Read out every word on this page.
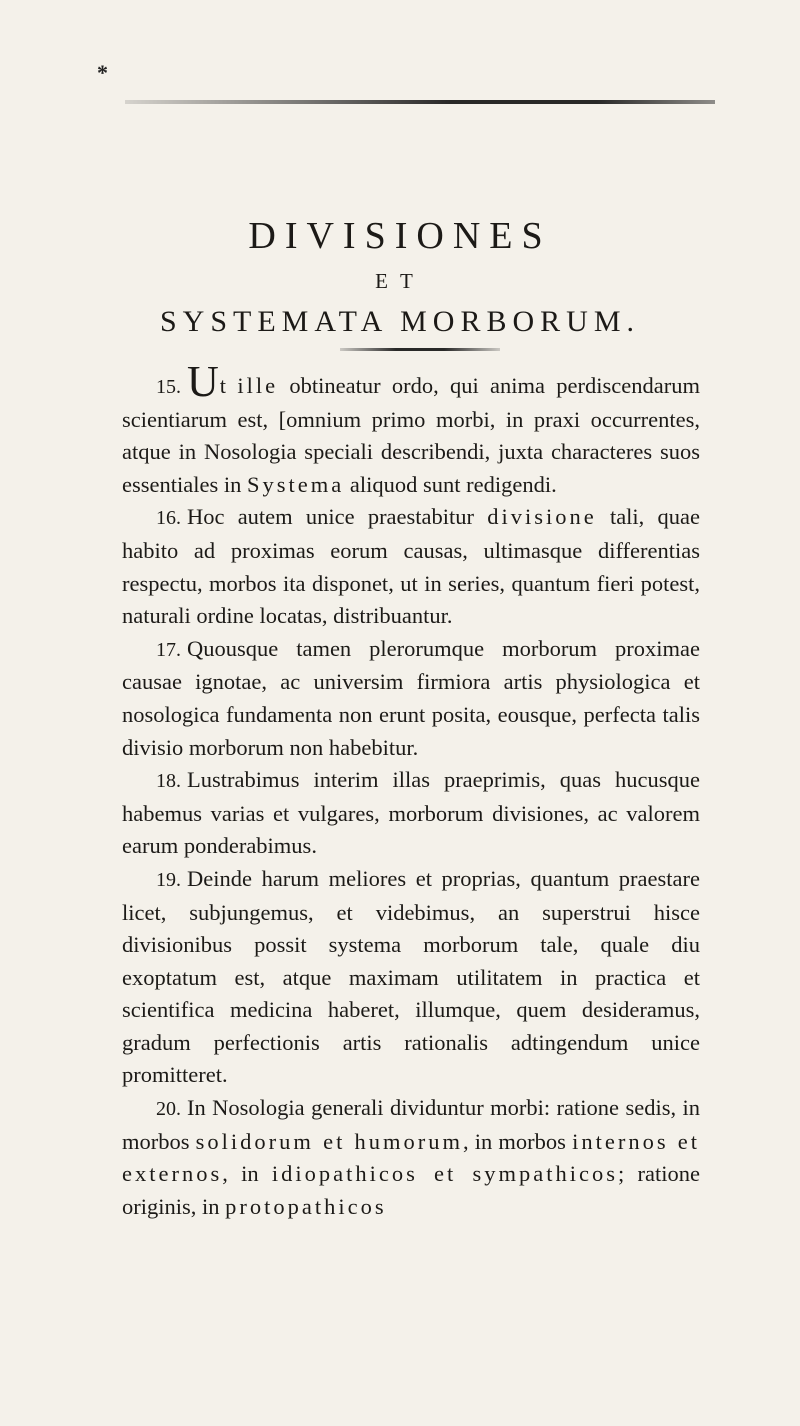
*
DIVISIONES
ET
SYSTEMATA MORBORUM.

15. Ut ille obtineatur ordo, qui anima perdiscendarum scientiarum est, [omnium primo morbi, in praxi occurrentes, atque in Nosologia speciali describendi, juxta characteres suos essentiales in Systema aliquod sunt redigendi.

16. Hoc autem unice praestabitur divisione tali, quae habito ad proximas eorum causas, ultimasque differentias respectu, morbos ita disponet, ut in series, quantum fieri potest, naturali ordine locatas, distribuantur.

17. Quousque tamen plerorumque morborum proximae causae ignotae, ac universim firmiora artis physiologica et nosologica fundamenta non erunt posita, eousque, perfecta talis divisio morborum non habebitur.

18. Lustrabimus interim illas praeprimis, quas hucusque habemus varias et vulgares, morborum divisiones, ac valorem earum ponderabimus.

19. Deinde harum meliores et proprias, quantum praestare licet, subjungemus, et videbimus, an superstrui hisce divisionibus possit systema morborum tale, quale diu exoptatum est, atque maximam utilitatem in practica et scientifica medicina haberet, illumque, quem desideramus, gradum perfectionis artis rationalis adtingendum unice promitteret.

20. In Nosologia generali dividuntur morbi: ratione sedis, in morbos solidorum et humorum, in morbos internos et externos, in idiopathicos et sympathicos; ratione originis, in protopathicos
